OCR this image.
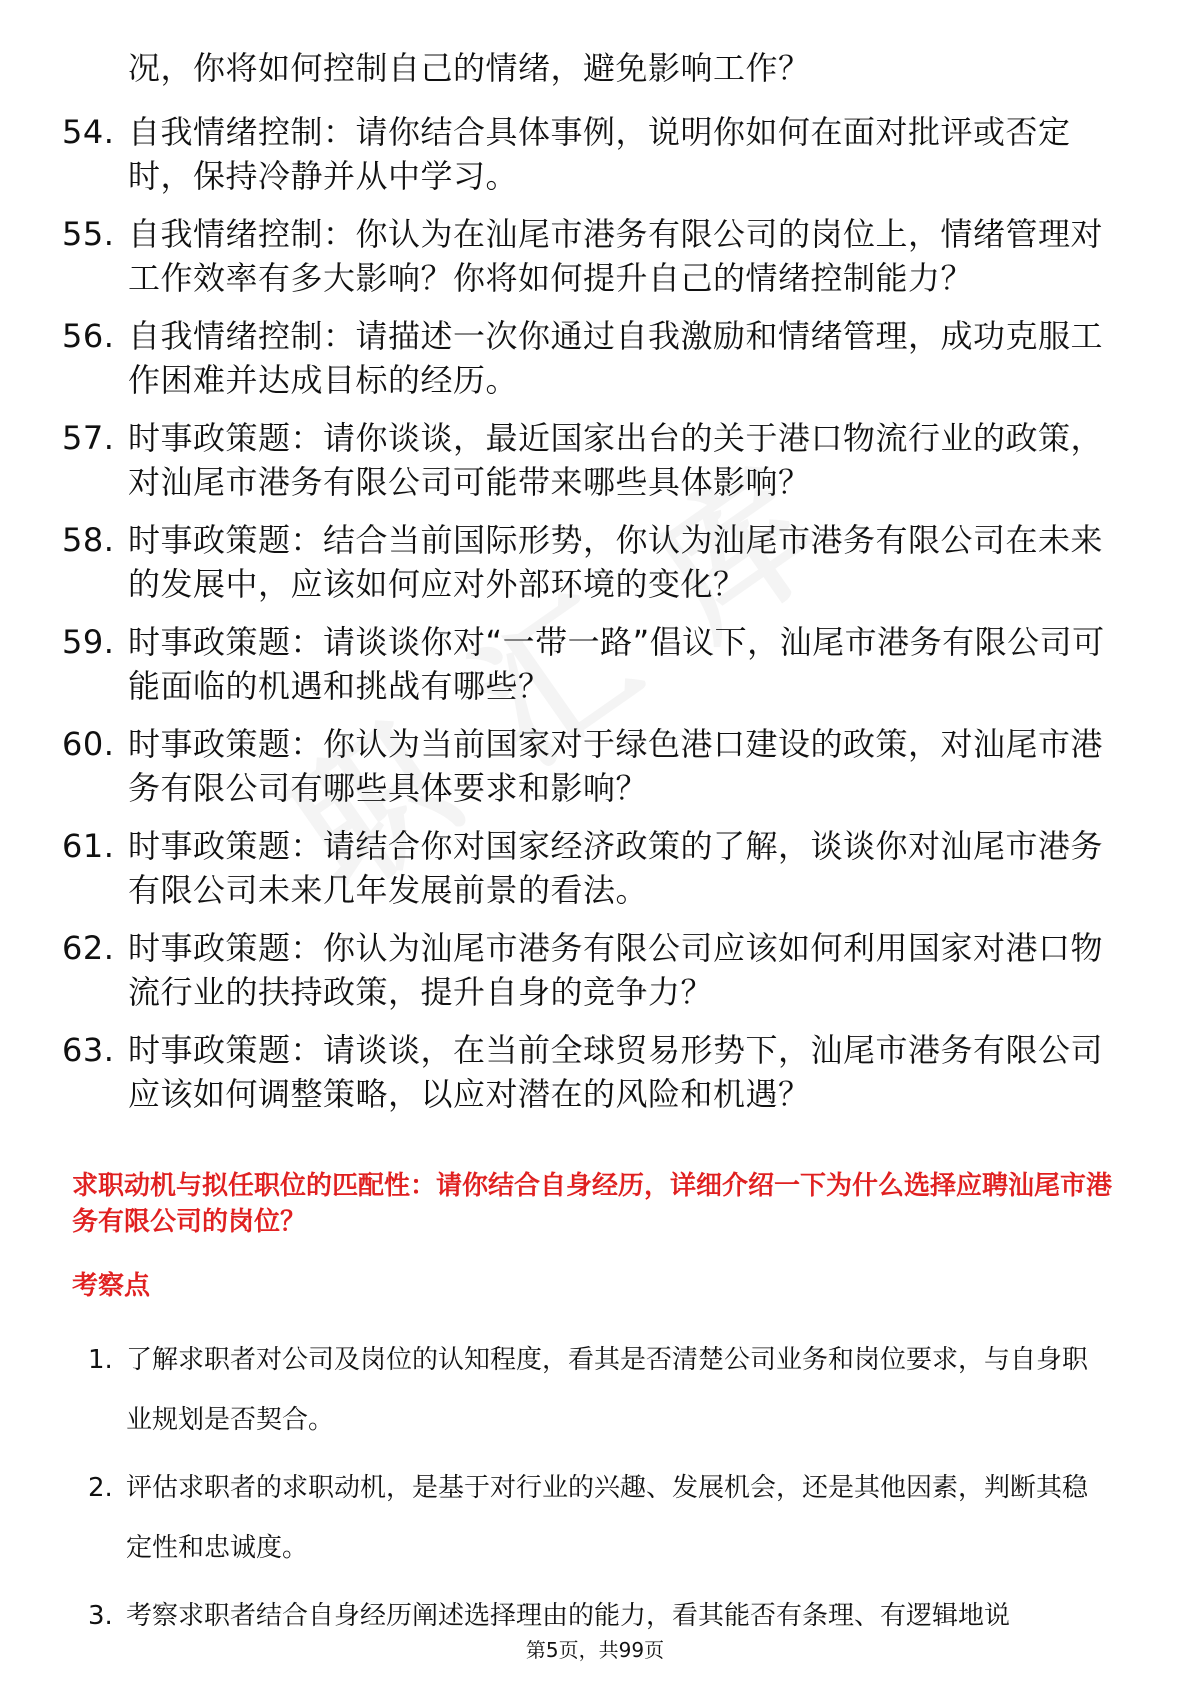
况，你将如何控制自己的情绪，避免影响工作？
54. 自我情绪控制：请你结合具体事例，说明你如何在面对批评或否定时，保持冷静并从中学习。
55. 自我情绪控制：你认为在汕尾市港务有限公司的岗位上，情绪管理对工作效率有多大影响？你将如何提升自己的情绪控制能力？
56. 自我情绪控制：请描述一次你通过自我激励和情绪管理，成功克服工作困难并达成目标的经历。
57. 时事政策题：请你谈谈，最近国家出台的关于港口物流行业的政策，对汕尾市港务有限公司可能带来哪些具体影响？
58. 时事政策题：结合当前国际形势，你认为汕尾市港务有限公司在未来的发展中，应该如何应对外部环境的变化？
59. 时事政策题：请谈谈你对“一带一路”倡议下，汕尾市港务有限公司可能面临的机遇和挑战有哪些？
60. 时事政策题：你认为当前国家对于绿色港口建设的政策，对汕尾市港务有限公司有哪些具体要求和影响？
61. 时事政策题：请结合你对国家经济政策的了解，谈谈你对汕尾市港务有限公司未来几年发展前景的看法。
62. 时事政策题：你认为汕尾市港务有限公司应该如何利用国家对港口物流行业的扶持政策，提升自身的竞争力？
63. 时事政策题：请谈谈，在当前全球贸易形势下，汕尾市港务有限公司应该如何调整策略，以应对潜在的风险和机遇？
求职动机与拟任职位的匹配性：请你结合自身经历，详细介绍一下为什么选择应聘汕尾市港务有限公司的岗位？
考察点
1. 了解求职者对公司及岗位的认知程度，看其是否清楚公司业务和岗位要求，与自身职业规划是否契合。
2. 评估求职者的求职动机，是基于对行业的兴趣、发展机会，还是其他因素，判断其稳定性和忠诚度。
3. 考察求职者结合自身经历阐述选择理由的能力，看其能否有条理、有逻辑地说
第5页，共99页
